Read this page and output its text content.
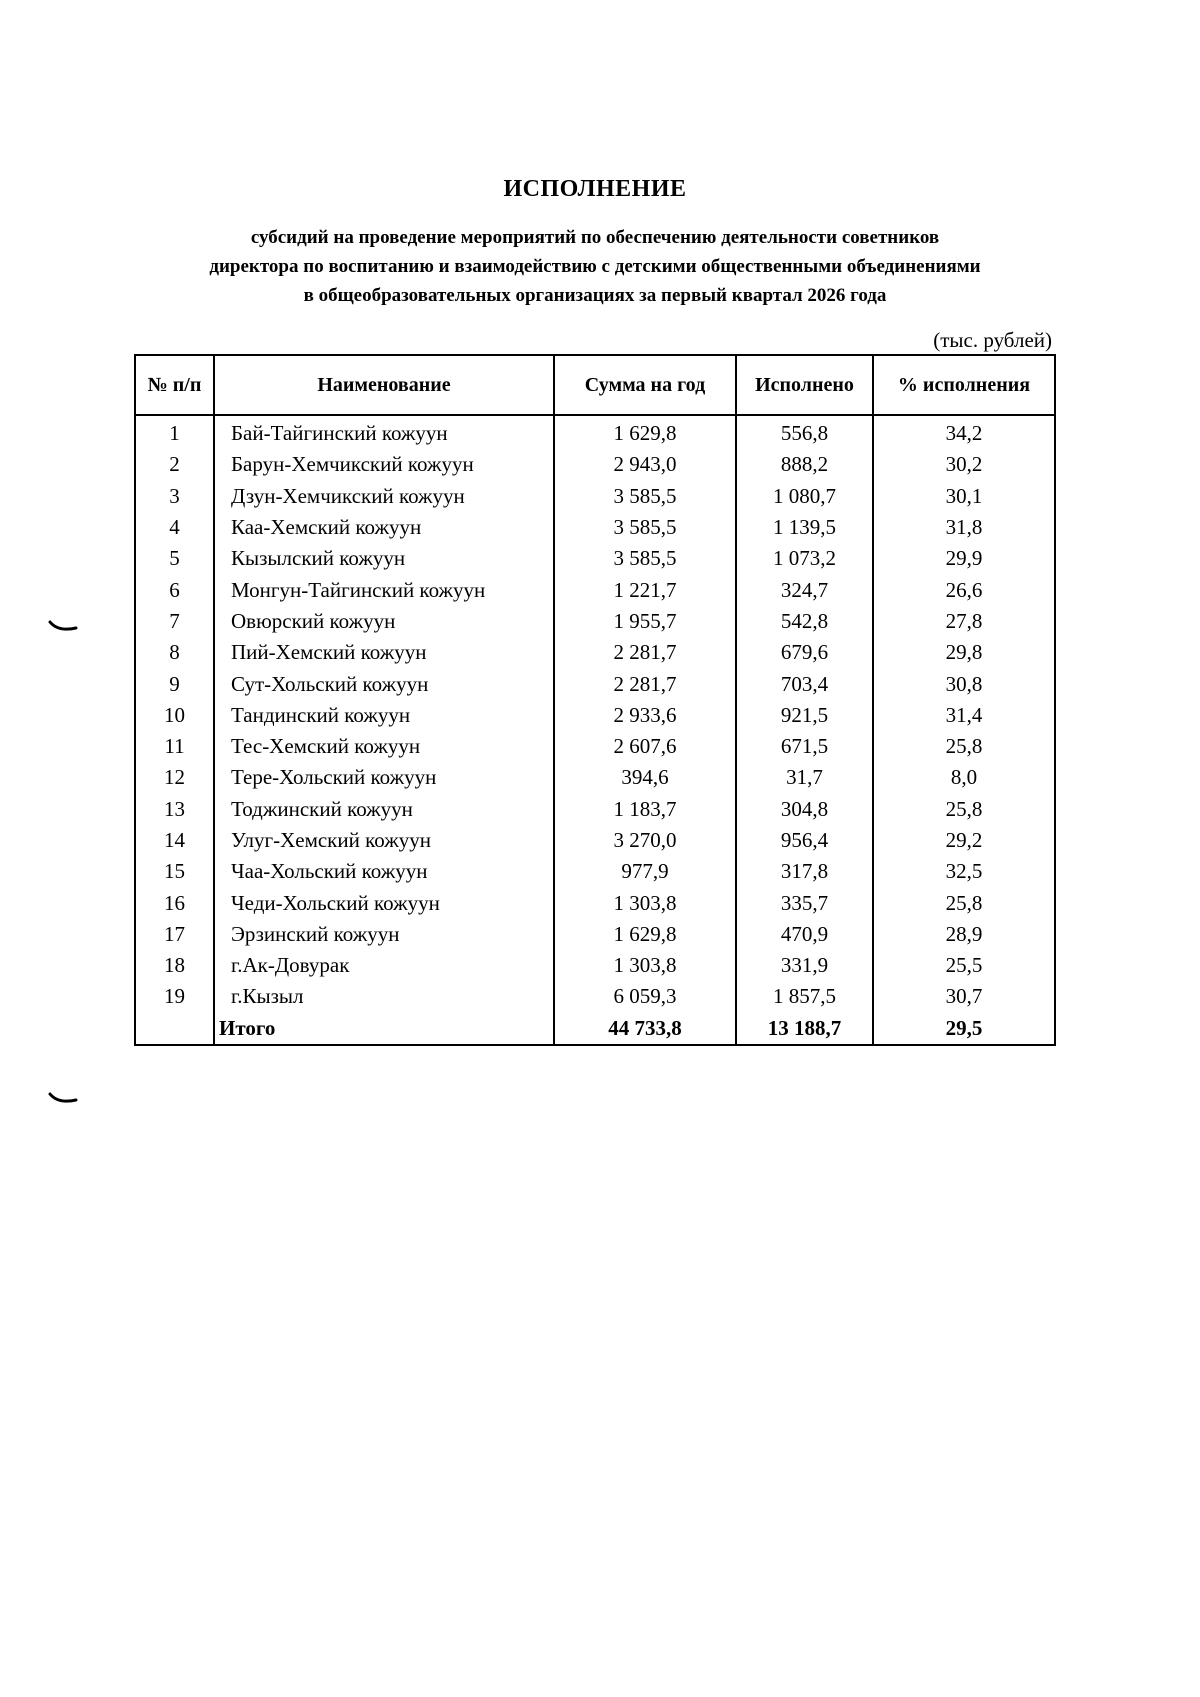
ИСПОЛНЕНИЕ
субсидий на проведение мероприятий по обеспечению деятельности советников
директора по воспитанию и взаимодействию с детскими общественными объединениями
в общеобразовательных организациях за первый квартал 2026 года
(тыс. рублей)
№ п/п	Наименование	Сумма на год	Исполнено	% исполнения
1	Бай-Тайгинский кожуун	1 629,8	556,8	34,2
2	Барун-Хемчикский кожуун	2 943,0	888,2	30,2
3	Дзун-Хемчикский кожуун	3 585,5	1 080,7	30,1
4	Каа-Хемский кожуун	3 585,5	1 139,5	31,8
5	Кызылский кожуун	3 585,5	1 073,2	29,9
6	Монгун-Тайгинский кожуун	1 221,7	324,7	26,6
7	Овюрский кожуун	1 955,7	542,8	27,8
8	Пий-Хемский кожуун	2 281,7	679,6	29,8
9	Сут-Хольский кожуун	2 281,7	703,4	30,8
10	Тандинский кожуун	2 933,6	921,5	31,4
11	Тес-Хемский кожуун	2 607,6	671,5	25,8
12	Тере-Хольский кожуун	394,6	31,7	8,0
13	Тоджинский кожуун	1 183,7	304,8	25,8
14	Улуг-Хемский кожуун	3 270,0	956,4	29,2
15	Чаа-Хольский кожуун	977,9	317,8	32,5
16	Чеди-Хольский кожуун	1 303,8	335,7	25,8
17	Эрзинский кожуун	1 629,8	470,9	28,9
18	г.Ак-Довурак	1 303,8	331,9	25,5
19	г.Кызыл	6 059,3	1 857,5	30,7
	Итого	44 733,8	13 188,7	29,5
